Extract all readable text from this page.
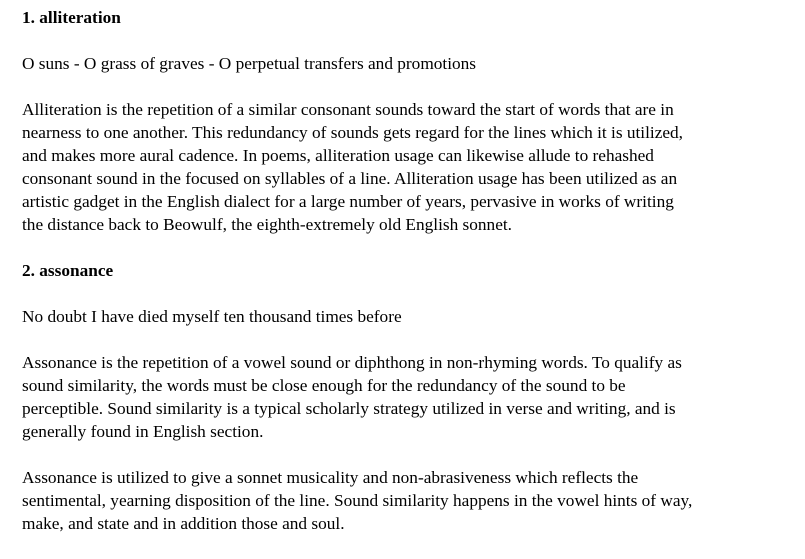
1. alliteration

O suns - O grass of graves - O perpetual transfers and promotions

Alliteration is the repetition of a similar consonant sounds toward the start of words that are in
nearness to one another. This redundancy of sounds gets regard for the lines which it is utilized,
and makes more aural cadence. In poems, alliteration usage can likewise allude to rehashed
consonant sound in the focused on syllables of a line. Alliteration usage has been utilized as an
artistic gadget in the English dialect for a large number of years, pervasive in works of writing
the distance back to Beowulf, the eighth-extremely old English sonnet.

2. assonance

No doubt I have died myself ten thousand times before

Assonance is the repetition of a vowel sound or diphthong in non-rhyming words. To qualify as
sound similarity, the words must be close enough for the redundancy of the sound to be
perceptible. Sound similarity is a typical scholarly strategy utilized in verse and writing, and is
generally found in English section.

Assonance is utilized to give a sonnet musicality and non-abrasiveness which reflects the
sentimental, yearning disposition of the line. Sound similarity happens in the vowel hints of way,
make, and state and in addition those and soul.
